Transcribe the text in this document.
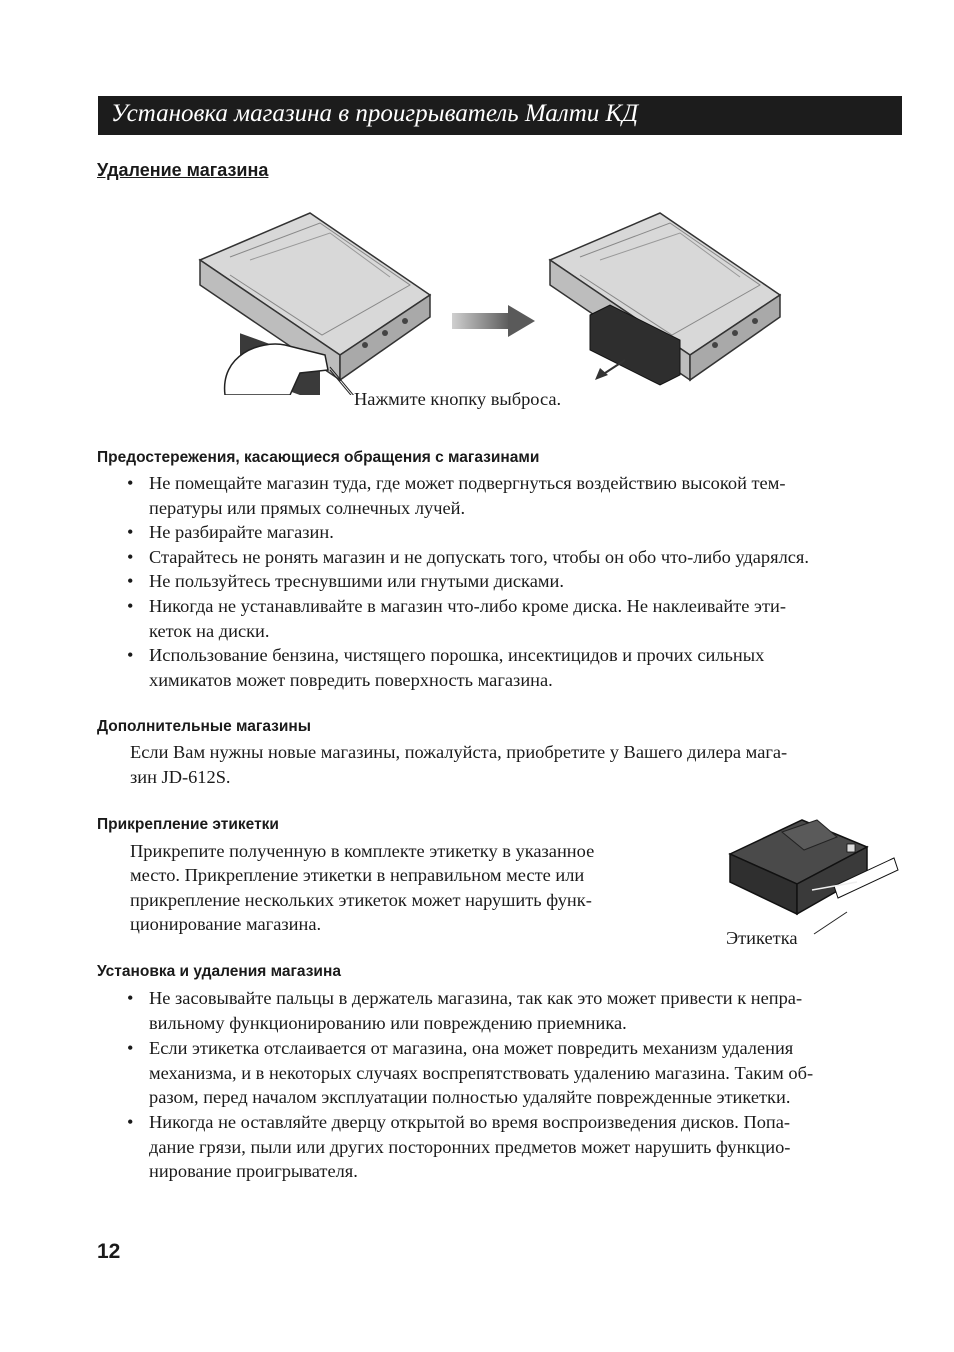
Установка магазина в проигрыватель Малти КД
Удаление магазина
Нажмите кнопку выброса.
Предостережения, касающиеся обращения с магазинами
• Не помещайте магазин туда, где может подвергнуться воздействию высокой тем-
пературы или прямых солнечных лучей.
• Не разбирайте магазин.
• Старайтесь не ронять магазин и не допускать того, чтобы он обо что-либо ударялся.
• Не пользуйтесь треснувшими или гнутыми дисками.
• Никогда не устанавливайте в магазин что-либо кроме диска. Не наклеивайте эти-
кеток на диски.
• Использование бензина, чистящего порошка, инсектицидов и прочих сильных
химикатов может повредить поверхность магазина.
Дополнительные магазины
Если Вам нужны новые магазины, пожалуйста, приобретите у Вашего дилера мага-
зин JD-612S.
Прикрепление этикетки
Прикрепите полученную в комплекте этикетку в указанное
место. Прикрепление этикетки в неправильном месте или
прикрепление нескольких этикеток может нарушить функ-
ционирование магазина.
Этикетка
Установка и удаления магазина
• Не засовывайте пальцы в держатель магазина, так как это может привести к непра-
вильному функционированию или повреждению приемника.
• Если этикетка отслаивается от магазина, она может повредить механизм удаления
механизма, и в некоторых случаях воспрепятствовать удалению магазина. Таким об-
разом, перед началом эксплуатации полностью удаляйте поврежденные этикетки.
• Никогда не оставляйте дверцу открытой во время воспроизведения дисков. Попа-
дание грязи, пыли или других посторонних предметов может нарушить функцио-
нирование проигрывателя.
12
